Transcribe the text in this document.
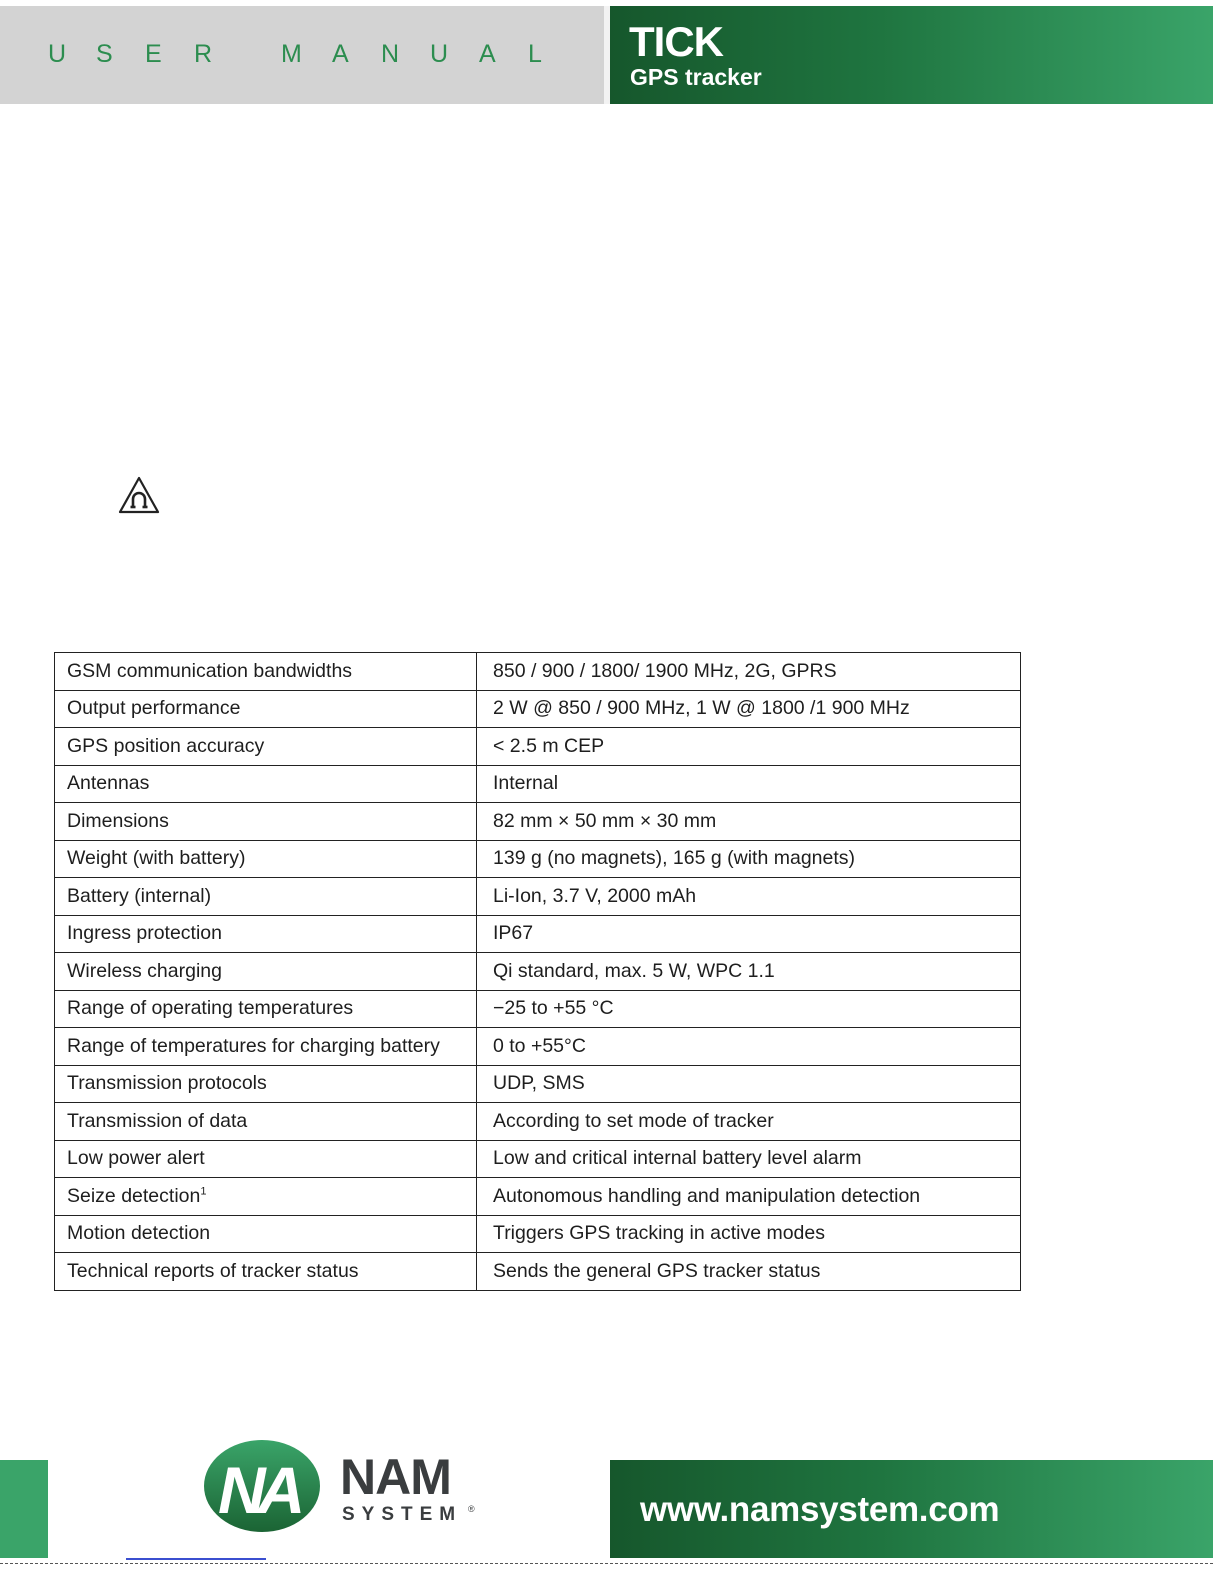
U S E R	M A N U A L TICK
GPS tracker
GSM communication bandwidths	850 / 900 / 1800/ 1900 MHz, 2G, GPRS
Output performance	2 W @ 850 / 900 MHz, 1 W @ 1800 /1 900 MHz
GPS position accuracy	< 2.5 m CEP
Antennas	Internal
Dimensions	82 mm × 50 mm × 30 mm
Weight (with battery)	139 g (no magnets), 165 g (with magnets)
Battery (internal)	Li-Ion, 3.7 V, 2000 mAh
Ingress protection	IP67
Wireless charging	Qi standard, max. 5 W, WPC 1.1
Range of operating temperatures	−25 to +55 °C
Range of temperatures for charging battery	0 to +55°C
Transmission protocols	UDP, SMS
Transmission of data	According to set mode of tracker
Low power alert	Low and critical internal battery level alarm
Seize detection$^1$	Autonomous handling and manipulation detection
Motion detection	Triggers GPS tracking in active modes
Technical reports of tracker status	Sends the general GPS tracker status
NA NAM
SYSTEM ®	www.namsystem.com
